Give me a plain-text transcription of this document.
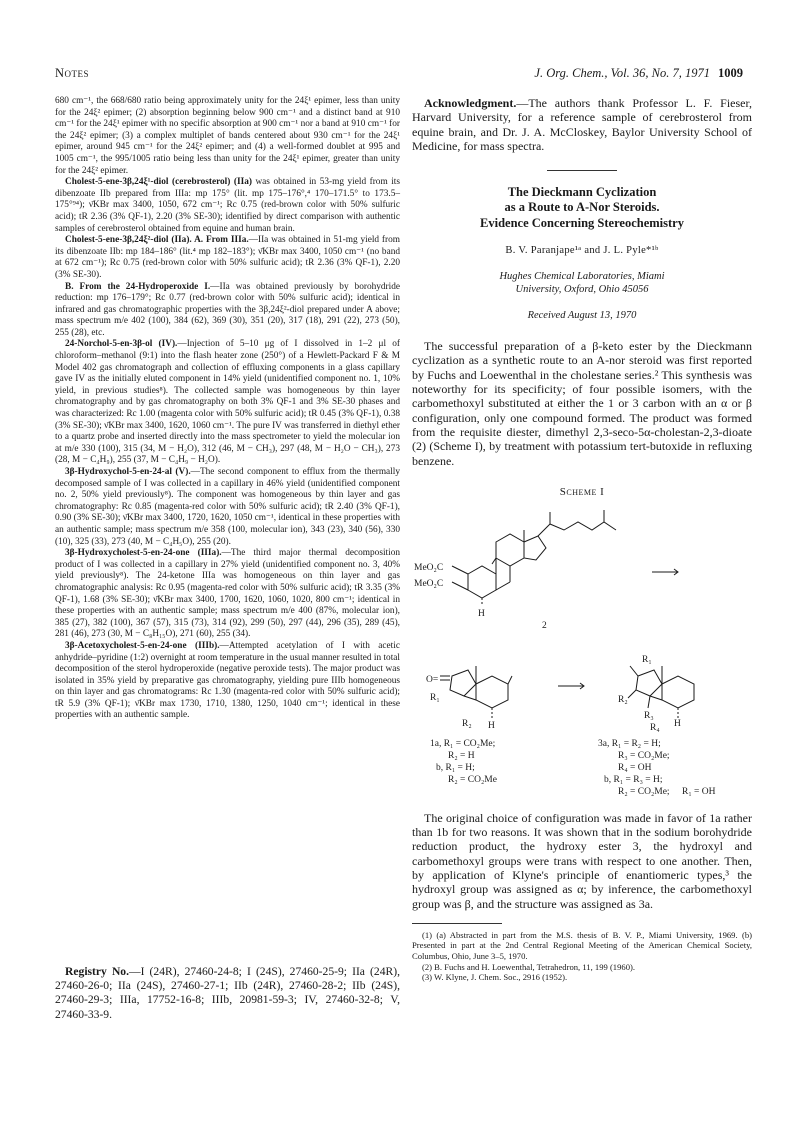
Notes	J. Org. Chem., Vol. 36, No. 7, 1971 1009

680 cm⁻¹, the 668/680 ratio being approximately unity for the 24ξ¹ epimer, less than unity for the 24ξ² epimer; (2) absorption beginning below 900 cm⁻¹ and a distinct band at 910 cm⁻¹ for the 24ξ¹ epimer with no specific absorption at 900 cm⁻¹ nor a band at 910 cm⁻¹ for the 24ξ² epimer; (3) a complex multiplet of bands centered about 930 cm⁻¹ for the 24ξ¹ epimer, around 945 cm⁻¹ for the 24ξ² epimer; and (4) a well-formed doublet at 995 and 1005 cm⁻¹, the 995/1005 ratio being less than unity for the 24ξ¹ epimer, greater than unity for the 24ξ² epimer.

Cholest-5-ene-3β,24ξ¹-diol (cerebrosterol) (IIa) was obtained in 53-mg yield from its dibenzoate IIb prepared from IIIa: mp 175° (lit. mp 175–176°,⁴ 170–171.5° to 173.5–175°⁹⁴); ν̄KBr max 3400, 1050, 672 cm⁻¹; Rc 0.75 (red-brown color with 50% sulfuric acid); tR 2.36 (3% QF-1), 2.20 (3% SE-30); identified by direct comparison with authentic samples of cerebrosterol obtained from equine and human brain.

Cholest-5-ene-3β,24ξ²-diol (IIa). A. From IIIa.—IIa was obtained in 51-mg yield from its dibenzoate IIb: mp 184–186° (lit.⁴ mp 182–183°); ν̄KBr max 3400, 1050 cm⁻¹ (no band at 672 cm⁻¹); Rc 0.75 (red-brown color with 50% sulfuric acid); tR 2.36 (3% QF-1), 2.20 (3% SE-30).

B. From the 24-Hydroperoxide I.—IIa was obtained previously by borohydride reduction: mp 176–179°; Rc 0.77 (red-brown color with 50% sulfuric acid); identical in infrared and gas chromatographic properties with the 3β,24ξ²-diol prepared under A above; mass spectrum m/e 402 (100), 384 (62), 369 (30), 351 (20), 317 (18), 291 (22), 273 (50), 255 (28), etc.

24-Norchol-5-en-3β-ol (IV).—Injection of 5–10 μg of I dissolved in 1–2 μl of chloroform–methanol (9:1) into the flash heater zone (250°) of a Hewlett-Packard F & M Model 402 gas chromatograph and collection of effluxing components in a glass capillary gave IV as the initially eluted component in 14% yield (unidentified component no. 1, 10% yield, in previous studies⁸). The collected sample was homogeneous by thin layer chromatography and by gas chromatography on both 3% QF-1 and 3% SE-30 phases and was characterized: Rc 1.00 (magenta color with 50% sulfuric acid); tR 0.45 (3% QF-1), 0.38 (3% SE-30); ν̄KBr max 3400, 1620, 1060 cm⁻¹. The pure IV was transferred in diethyl ether to a quartz probe and inserted directly into the mass spectrometer to yield the molecular ion at m/e 330 (100), 315 (34, M − H₂O), 312 (46, M − CH₃), 297 (48, M − H₂O − CH₃), 273 (28, M − C₄H₉), 255 (37, M − C₄H₉ − H₂O).

3β-Hydroxychol-5-en-24-al (V).—The second component to efflux from the thermally decomposed sample of I was collected in a capillary in 46% yield (unidentified component no. 2, 50% yield previously⁸). The component was homogeneous by thin layer and gas chromatography: Rc 0.85 (magenta-red color with 50% sulfuric acid); tR 2.40 (3% QF-1), 0.90 (3% SE-30); ν̄KBr max 3400, 1720, 1620, 1050 cm⁻¹, identical in these properties with an authentic sample; mass spectrum m/e 358 (100, molecular ion), 343 (23), 340 (56), 330 (10), 325 (33), 273 (40, M − C₄H₅O), 255 (20).

3β-Hydroxycholest-5-en-24-one (IIIa).—The third major thermal decomposition product of I was collected in a capillary in 27% yield (unidentified component no. 3, 40% yield previously⁸). The 24-ketone IIIa was homogeneous on thin layer and gas chromatographic analysis: Rc 0.95 (magenta-red color with 50% sulfuric acid); tR 3.35 (3% QF-1), 1.68 (3% SE-30); ν̄KBr max 3400, 1700, 1620, 1060, 1020, 800 cm⁻¹; identical in these properties with an authentic sample; mass spectrum m/e 400 (87%, molecular ion), 385 (27), 382 (100), 367 (57), 315 (73), 314 (92), 299 (50), 297 (44), 296 (35), 289 (45), 281 (46), 273 (30, M − C₈H₁₅O), 271 (60), 255 (34).

3β-Acetoxycholest-5-en-24-one (IIIb).—Attempted acetylation of I with acetic anhydride–pyridine (1:2) overnight at room temperature in the usual manner resulted in total decomposition of the sterol hydroperoxide (negative peroxide tests). The major product was isolated in 35% yield by preparative gas chromatography, yielding pure IIIb homogeneous on thin layer and gas chromatograms: Rc 1.30 (magenta-red color with 50% sulfuric acid); tR 5.9 (3% QF-1); ν̄KBr max 1730, 1710, 1380, 1250, 1040 cm⁻¹; identical in these properties with an authentic sample.

Registry No.—I (24R), 27460-24-8; I (24S), 27460-25-9; IIa (24R), 27460-26-0; IIa (24S), 27460-27-1; IIb (24R), 27460-28-2; IIb (24S), 27460-29-3; IIIa, 17752-16-8; IIIb, 20981-59-3; IV, 27460-32-8; V, 27460-33-9.

Acknowledgment.—The authors thank Professor L. F. Fieser, Harvard University, for a reference sample of cerebrosterol from equine brain, and Dr. J. A. McCloskey, Baylor University School of Medicine, for mass spectra.

The Dieckmann Cyclization
as a Route to A-Nor Steroids.
Evidence Concerning Stereochemistry
B. V. Paranjape¹ᵃ and J. L. Pyle*¹ᵇ
Hughes Chemical Laboratories, Miami
University, Oxford, Ohio 45056
Received August 13, 1970

The successful preparation of a β-keto ester by the Dieckmann cyclization as a synthetic route to an A-nor steroid was first reported by Fuchs and Loewenthal in the cholestane series.² This synthesis was noteworthy for its specificity; of four possible isomers, with the carbomethoxyl substituted at either the 1 or 3 carbon with an α or β configuration, only one compound formed. The product was formed from the requisite diester, dimethyl 2,3-seco-5α-cholestan-2,3-dioate (2) (Scheme I), by treatment with potassium tert-butoxide in refluxing benzene.

Scheme I
MeO₂C
MeO₂C
H
2
O=
R₁
R₂ H
R₁
R₂
R₃
R₄ H
1a, R₁ = CO₂Me;
R₂ = H
b, R₁ = H;
R₂ = CO₂Me
3a, R₁ = R₂ = H;
R₃ = CO₂Me;
R₄ = OH
b, R₁ = R₃ = H;
R₂ = CO₂Me; R₁ = OH

The original choice of configuration was made in favor of 1a rather than 1b for two reasons. It was shown that in the sodium borohydride reduction product, the hydroxy ester 3, the hydroxyl and carbomethoxyl groups were trans with respect to one another. Then, by application of Klyne's principle of enantiomeric types,³ the hydroxyl group was assigned as α; by inference, the carbomethoxyl group was β, and the structure was assigned as 3a.

(1) (a) Abstracted in part from the M.S. thesis of B. V. P., Miami University, 1969. (b) Presented in part at the 2nd Central Regional Meeting of the American Chemical Society, Columbus, Ohio, June 3–5, 1970.

(2) B. Fuchs and H. Loewenthal, Tetrahedron, 11, 199 (1960).

(3) W. Klyne, J. Chem. Soc., 2916 (1952).
